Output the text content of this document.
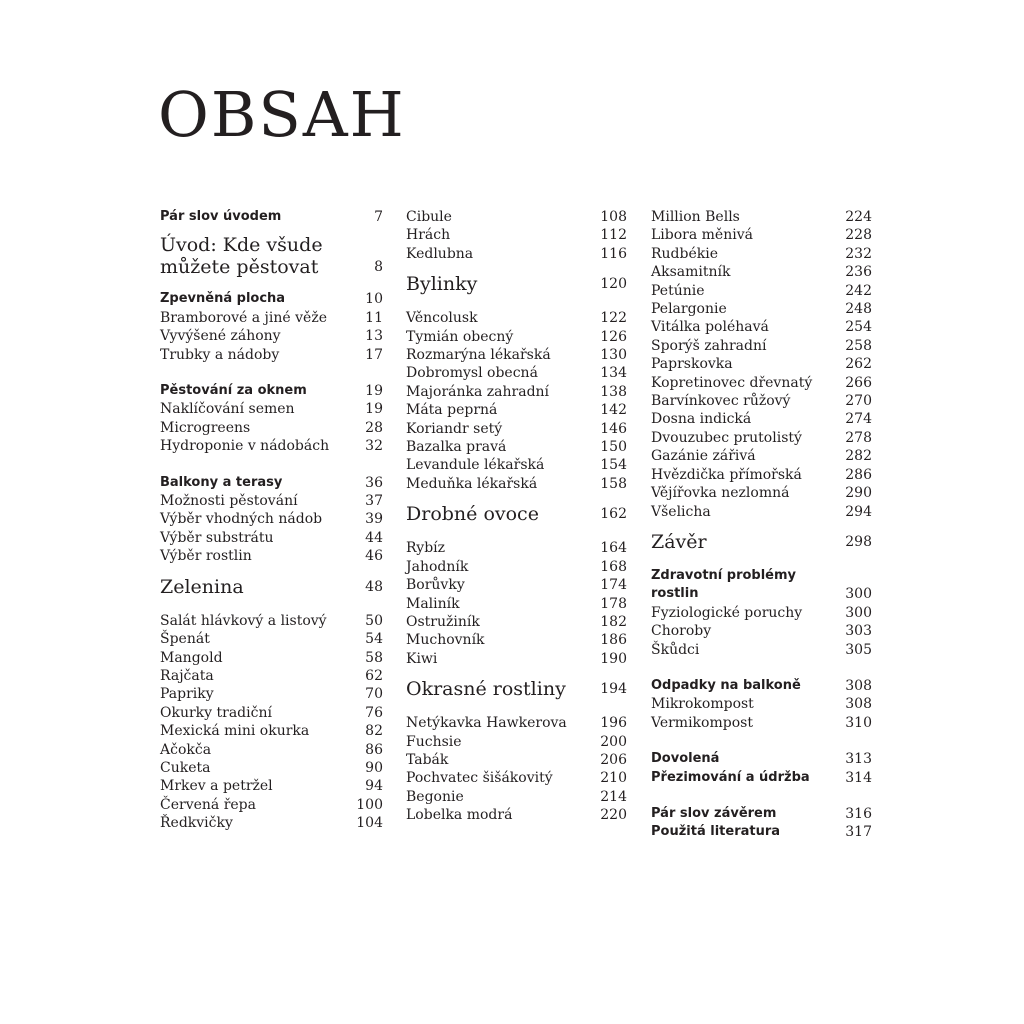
OBSAH
Pár slov úvodem	7
Úvod: Kde všude
můžete pěstovat	8
Zpevněná plocha	10
Bramborové a jiné věže	11
Vyvýšené záhony	13
Trubky a nádoby	17
Pěstování za oknem	19
Naklíčování semen	19
Microgreens	28
Hydroponie v nádobách	32
Balkony a terasy	36
Možnosti pěstování	37
Výběr vhodných nádob	39
Výběr substrátu	44
Výběr rostlin	46
Zelenina	48
Salát hlávkový a listový	50
Špenát	54
Mangold	58
Rajčata	62
Papriky	70
Okurky tradiční	76
Mexická mini okurka	82
Ačokča	86
Cuketa	90
Mrkev a petržel	94
Červená řepa	100
Ředkvičky	104
Cibule	108
Hrách	112
Kedlubna	116
Bylinky	120
Věncolusk	122
Tymián obecný	126
Rozmarýna lékařská	130
Dobromysl obecná	134
Majoránka zahradní	138
Máta peprná	142
Koriandr setý	146
Bazalka pravá	150
Levandule lékařská	154
Meduňka lékařská	158
Drobné ovoce	162
Rybíz	164
Jahodník	168
Borůvky	174
Maliník	178
Ostružiník	182
Muchovník	186
Kiwi	190
Okrasné rostliny	194
Netýkavka Hawkerova	196
Fuchsie	200
Tabák	206
Pochvatec šišákovitý	210
Begonie	214
Lobelka modrá	220
Million Bells	224
Libora měnivá	228
Rudbékie	232
Aksamitník	236
Petúnie	242
Pelargonie	248
Vitálka poléhavá	254
Sporýš zahradní	258
Paprskovka	262
Kopretinovec dřevnatý	266
Barvínkovec růžový	270
Dosna indická	274
Dvouzubec prutolistý	278
Gazánie zářivá	282
Hvězdička přímořská	286
Vějířovka nezlomná	290
Všelicha	294
Závěr	298
Zdravotní problémy
rostlin	300
Fyziologické poruchy	300
Choroby	303
Škůdci	305
Odpadky na balkoně	308
Mikrokompost	308
Vermikompost	310
Dovolená	313
Přezimování a údržba	314
Pár slov závěrem	316
Použitá literatura	317
